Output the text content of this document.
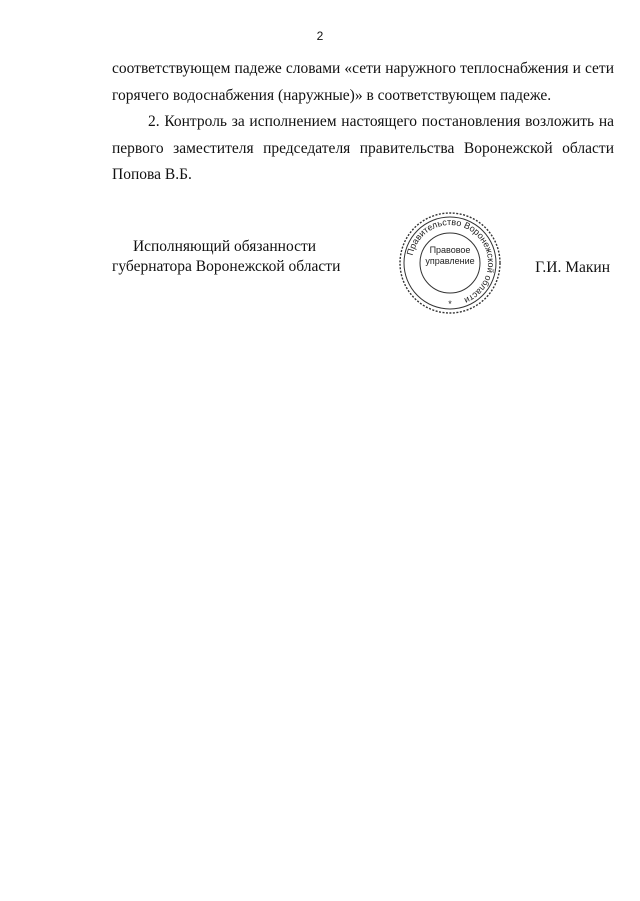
2
соответствующем падеже словами «сети наружного теплоснабжения и сети
горячего водоснабжения (наружные)» в соответствующем падеже.
2. Контроль за исполнением настоящего постановления возложить на
первого заместителя председателя правительства Воронежской области
Попова В.Б.
Исполняющий обязанности
губернатора Воронежской области
Правительство Воронежской области
*
Правовое
управление	Г.И. Макин
